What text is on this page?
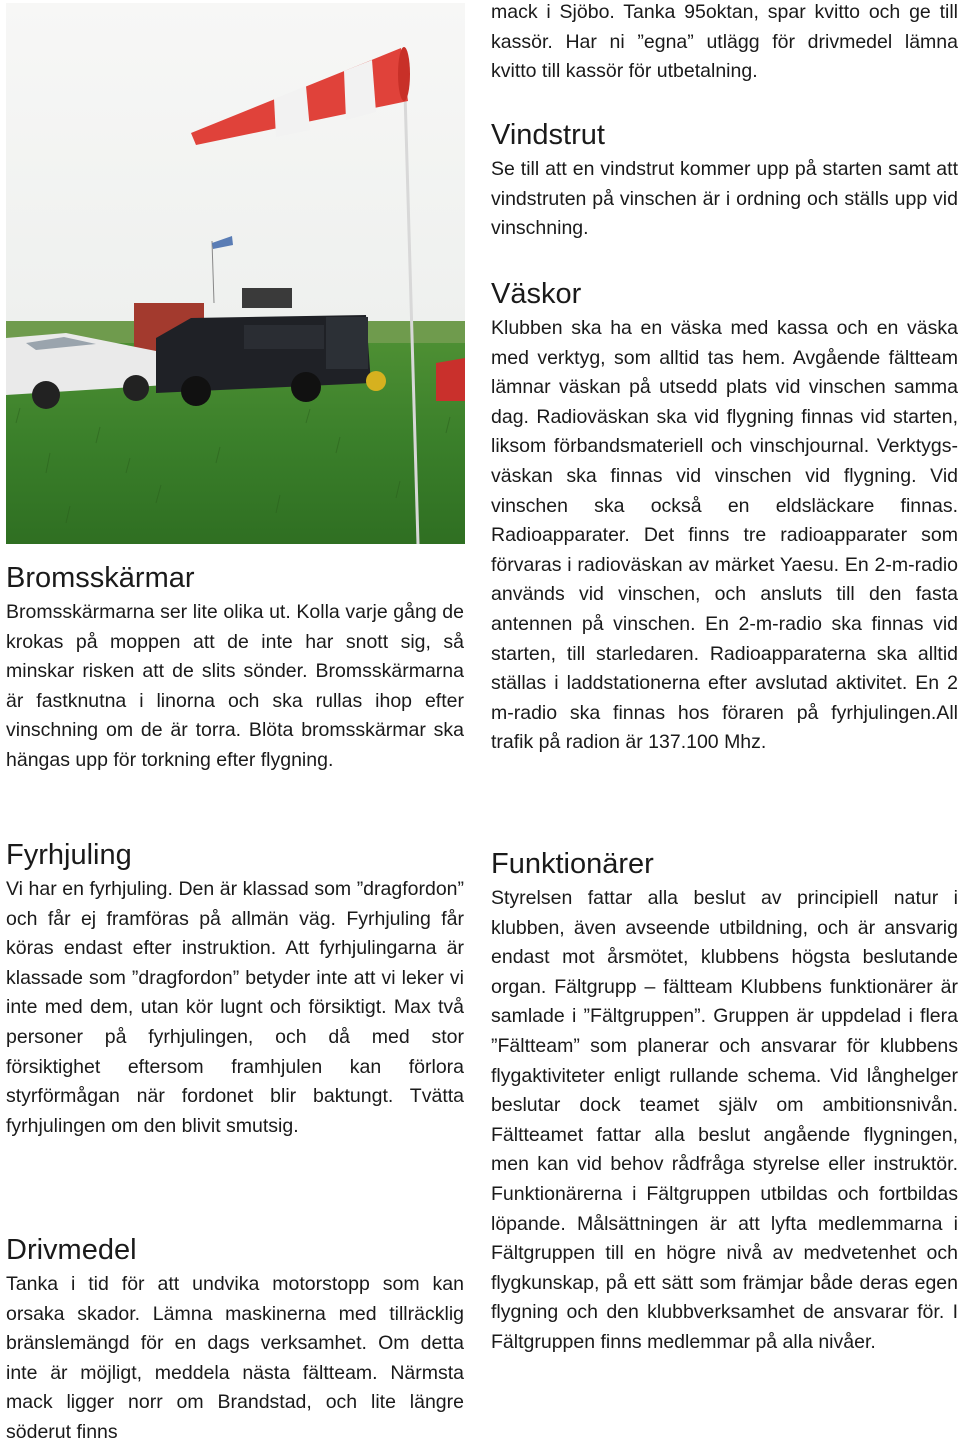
Bromsskärmar

Bromsskärmarna ser lite olika ut. Kolla varje gång de krokas på moppen att de inte har snott sig, så minskar risken att de slits sönder. Bromsskärmarna är fastknutna i linorna och ska rullas ihop efter vinschning om de är torra. Blöta bromsskärmar ska hängas upp för torkning efter flygning.

Fyrhjuling

Vi har en fyrhjuling. Den är klassad som ”dragfordon” och får ej framföras på allmän väg. Fyrhjuling får köras endast efter instruktion. Att fyrhjulingarna är klassade som ”dragfordon” betyder inte att vi leker vi inte med dem, utan kör lugnt och försiktigt. Max två personer på fyrhjulingen, och då med stor försiktighet eftersom framhjulen kan förlora styrförmågan när fordonet blir baktungt. Tvätta fyrhjulingen om den blivit smutsig.

Drivmedel

Tanka i tid för att undvika motorstopp som kan orsaka skador. Lämna maskinerna med tillräcklig bränslemängd för en dags verksamhet. Om detta inte är möjligt, meddela nästa fältteam. Närmsta mack ligger norr om Brandstad, och lite längre söderut finns

mack i Sjöbo. Tanka 95oktan, spar kvitto och ge till kassör. Har ni ”egna” utlägg för drivmedel lämna kvitto till kassör för utbetalning.

Vindstrut

Se till att en vindstrut kommer upp på starten samt att vindstruten på vinschen är i ordning och ställs upp vid vinschning.

Väskor

Klubben ska ha en väska med kassa och en väska med verktyg, som alltid tas hem. Avgående fältteam lämnar väskan på utsedd plats vid vinschen samma dag. Radioväskan ska vid flygning finnas vid starten, liksom förbandsmateriell och vinschjournal. Verktygsväskan ska finnas vid vinschen vid flygning. Vid vinschen ska också en eldsläckare finnas. Radioapparater. Det finns tre radioapparater som förvaras i radioväskan av märket Yaesu. En 2-m-radio används vid vinschen, och ansluts till den fasta antennen på vinschen. En 2-m-radio ska finnas vid starten, till starledaren. Radioapparaterna ska alltid ställas i laddstationerna efter avslutad aktivitet. En 2 m-radio ska finnas hos föraren på fyrhjulingen.All trafik på radion är 137.100 Mhz.

Funktionärer

Styrelsen fattar alla beslut av principiell natur i klubben, även avseende utbildning, och är ansvarig endast mot årsmötet, klubbens högsta beslutande organ. Fältgrupp – fältteam Klubbens funktionärer är samlade i ”Fältgruppen”. Gruppen är uppdelad i flera ”Fältteam” som planerar och ansvarar för klubbens flygaktiviteter enligt rullande schema. Vid långhelger beslutar dock teamet själv om ambitionsnivån. Fältteamet fattar alla beslut angående flygningen, men kan vid behov rådfråga styrelse eller instruktör. Funktionärerna i Fältgruppen utbildas och fortbildas löpande. Målsättningen är att lyfta medlemmarna i Fältgruppen till en högre nivå av medvetenhet och flygkunskap, på ett sätt som främjar både deras egen flygning och den klubbverksamhet de ansvarar för. I Fältgruppen finns medlemmar på alla nivåer.
